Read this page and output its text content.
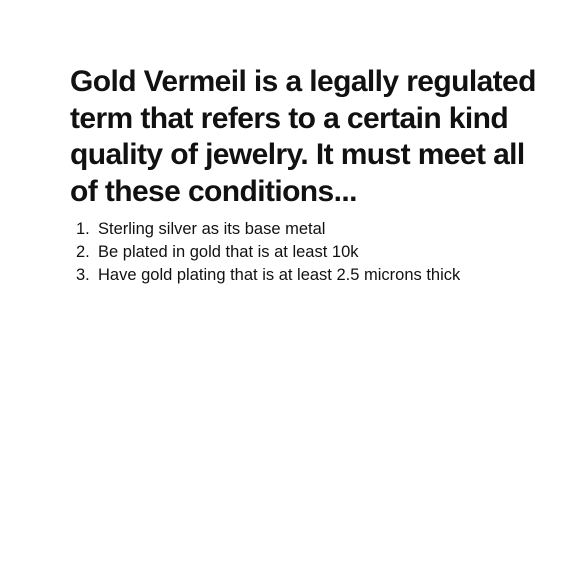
Gold Vermeil is a legally regulated term that refers to a certain kind quality of jewelry. It must meet all of these conditions...
1. Sterling silver as its base metal
2. Be plated in gold that is at least 10k
3. Have gold plating that is at least 2.5 microns thick
